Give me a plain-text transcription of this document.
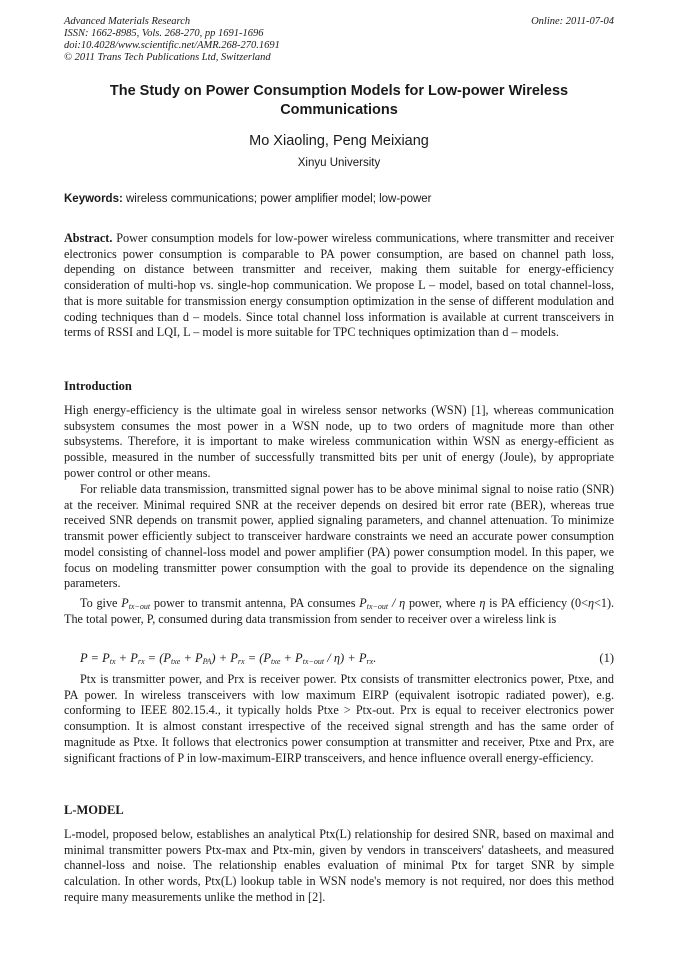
Advanced Materials Research
ISSN: 1662-8985, Vols. 268-270, pp 1691-1696
doi:10.4028/www.scientific.net/AMR.268-270.1691
© 2011 Trans Tech Publications Ltd, Switzerland
Online: 2011-07-04
The Study on Power Consumption Models for Low-power Wireless
Communications
Mo Xiaoling, Peng Meixiang
Xinyu University
Keywords: wireless communications; power amplifier model; low-power
Abstract. Power consumption models for low-power wireless communications, where transmitter and receiver electronics power consumption is comparable to PA power consumption, are based on channel path loss, depending on distance between transmitter and receiver, making them suitable for energy-efficiency consideration of multi-hop vs. single-hop communication. We propose L – model, based on total channel-loss, that is more suitable for transmission energy consumption optimization in the sense of different modulation and coding techniques than d – models. Since total channel loss information is available at current transceivers in terms of RSSI and LQI, L – model is more suitable for TPC techniques optimization than d – models.
Introduction
High energy-efficiency is the ultimate goal in wireless sensor networks (WSN) [1], whereas communication subsystem consumes the most power in a WSN node, up to two orders of magnitude more than other subsystems. Therefore, it is important to make wireless communication within WSN as energy-efficient as possible, measured in the number of successfully transmitted bits per unit of energy (Joule), by appropriate power control or other means.
For reliable data transmission, transmitted signal power has to be above minimal signal to noise ratio (SNR) at the receiver. Minimal required SNR at the receiver depends on desired bit error rate (BER), whereas true received SNR depends on transmit power, applied signaling parameters, and channel attenuation. To minimize transmit power efficiently subject to transceiver hardware constraints we need an accurate power consumption model consisting of channel-loss model and power amplifier (PA) power consumption model. In this paper, we focus on modeling transmitter power consumption with the goal to provide its dependence on the signaling parameters.
To give $P_{tx-out}$ power to transmit antenna, PA consumes $P_{tx-out}$ / η power, where η is PA efficiency (0<η<1). The total power, P, consumed during data transmission from sender to receiver over a wireless link is
$P = P_{tx} + P_{rx} = (P_{txe} + P_{PA}) + P_{rx} = (P_{txe} + P_{tx-out} / \eta) + P_{rx}$.	(1)
Ptx is transmitter power, and Prx is receiver power. Ptx consists of transmitter electronics power, Ptxe, and PA power. In wireless transceivers with low maximum EIRP (equivalent isotropic radiated power), e.g. conforming to IEEE 802.15.4., it typically holds Ptxe > Ptx-out. Prx is equal to receiver electronics power consumption. It is almost constant irrespective of the received signal strength and has the same order of magnitude as Ptxe. It follows that electronics power consumption at transmitter and receiver, Ptxe and Prx, are significant fractions of P in low-maximum-EIRP transceivers, and hence influence overall energy-efficiency.
L-MODEL
L-model, proposed below, establishes an analytical Ptx(L) relationship for desired SNR, based on maximal and minimal transmitter powers Ptx-max and Ptx-min, given by vendors in transceivers' datasheets, and measured channel-loss and noise. The relationship enables evaluation of minimal Ptx for target SNR by simple calculation. In other words, Ptx(L) lookup table in WSN node's memory is not required, nor does this method require many measurements unlike the method in [2].
